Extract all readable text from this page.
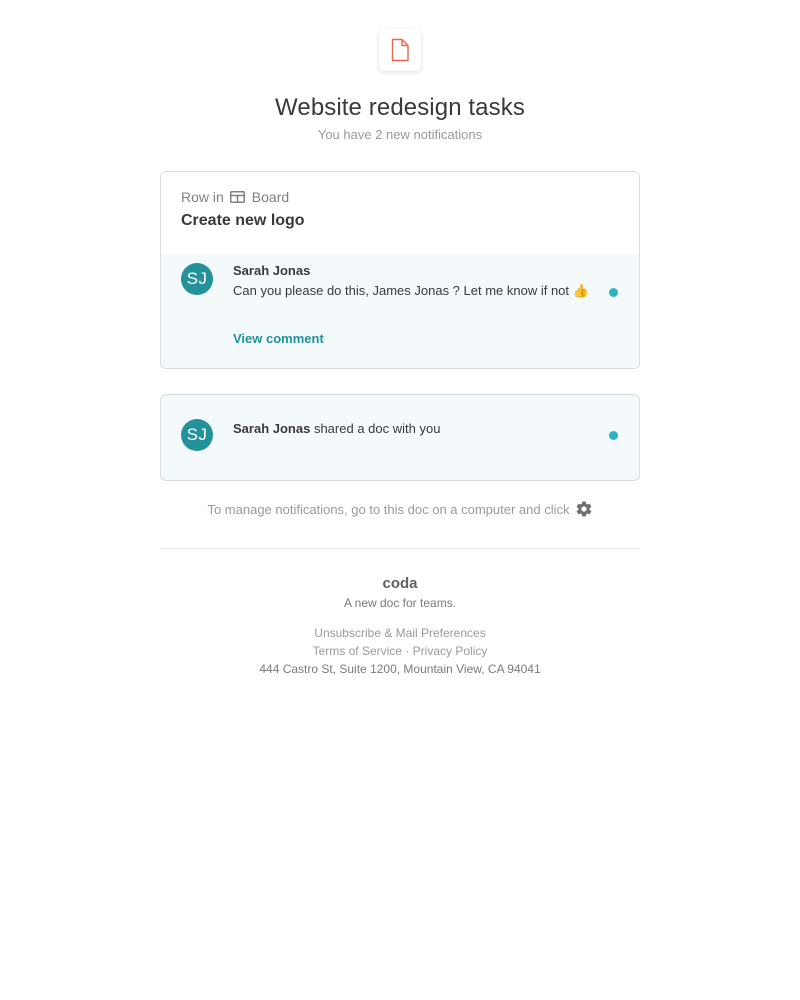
Website redesign tasks
You have 2 new notifications
Row in Board
Create new logo
SJ	Sarah Jonas
Can you please do this, James Jonas ? Let me know if not 👍
View comment
SJ	Sarah Jonas shared a doc with you
To manage notifications, go to this doc on a computer and click
coda
A new doc for teams.
Unsubscribe & Mail Preferences
Terms of Service · Privacy Policy
444 Castro St, Suite 1200, Mountain View, CA 94041
